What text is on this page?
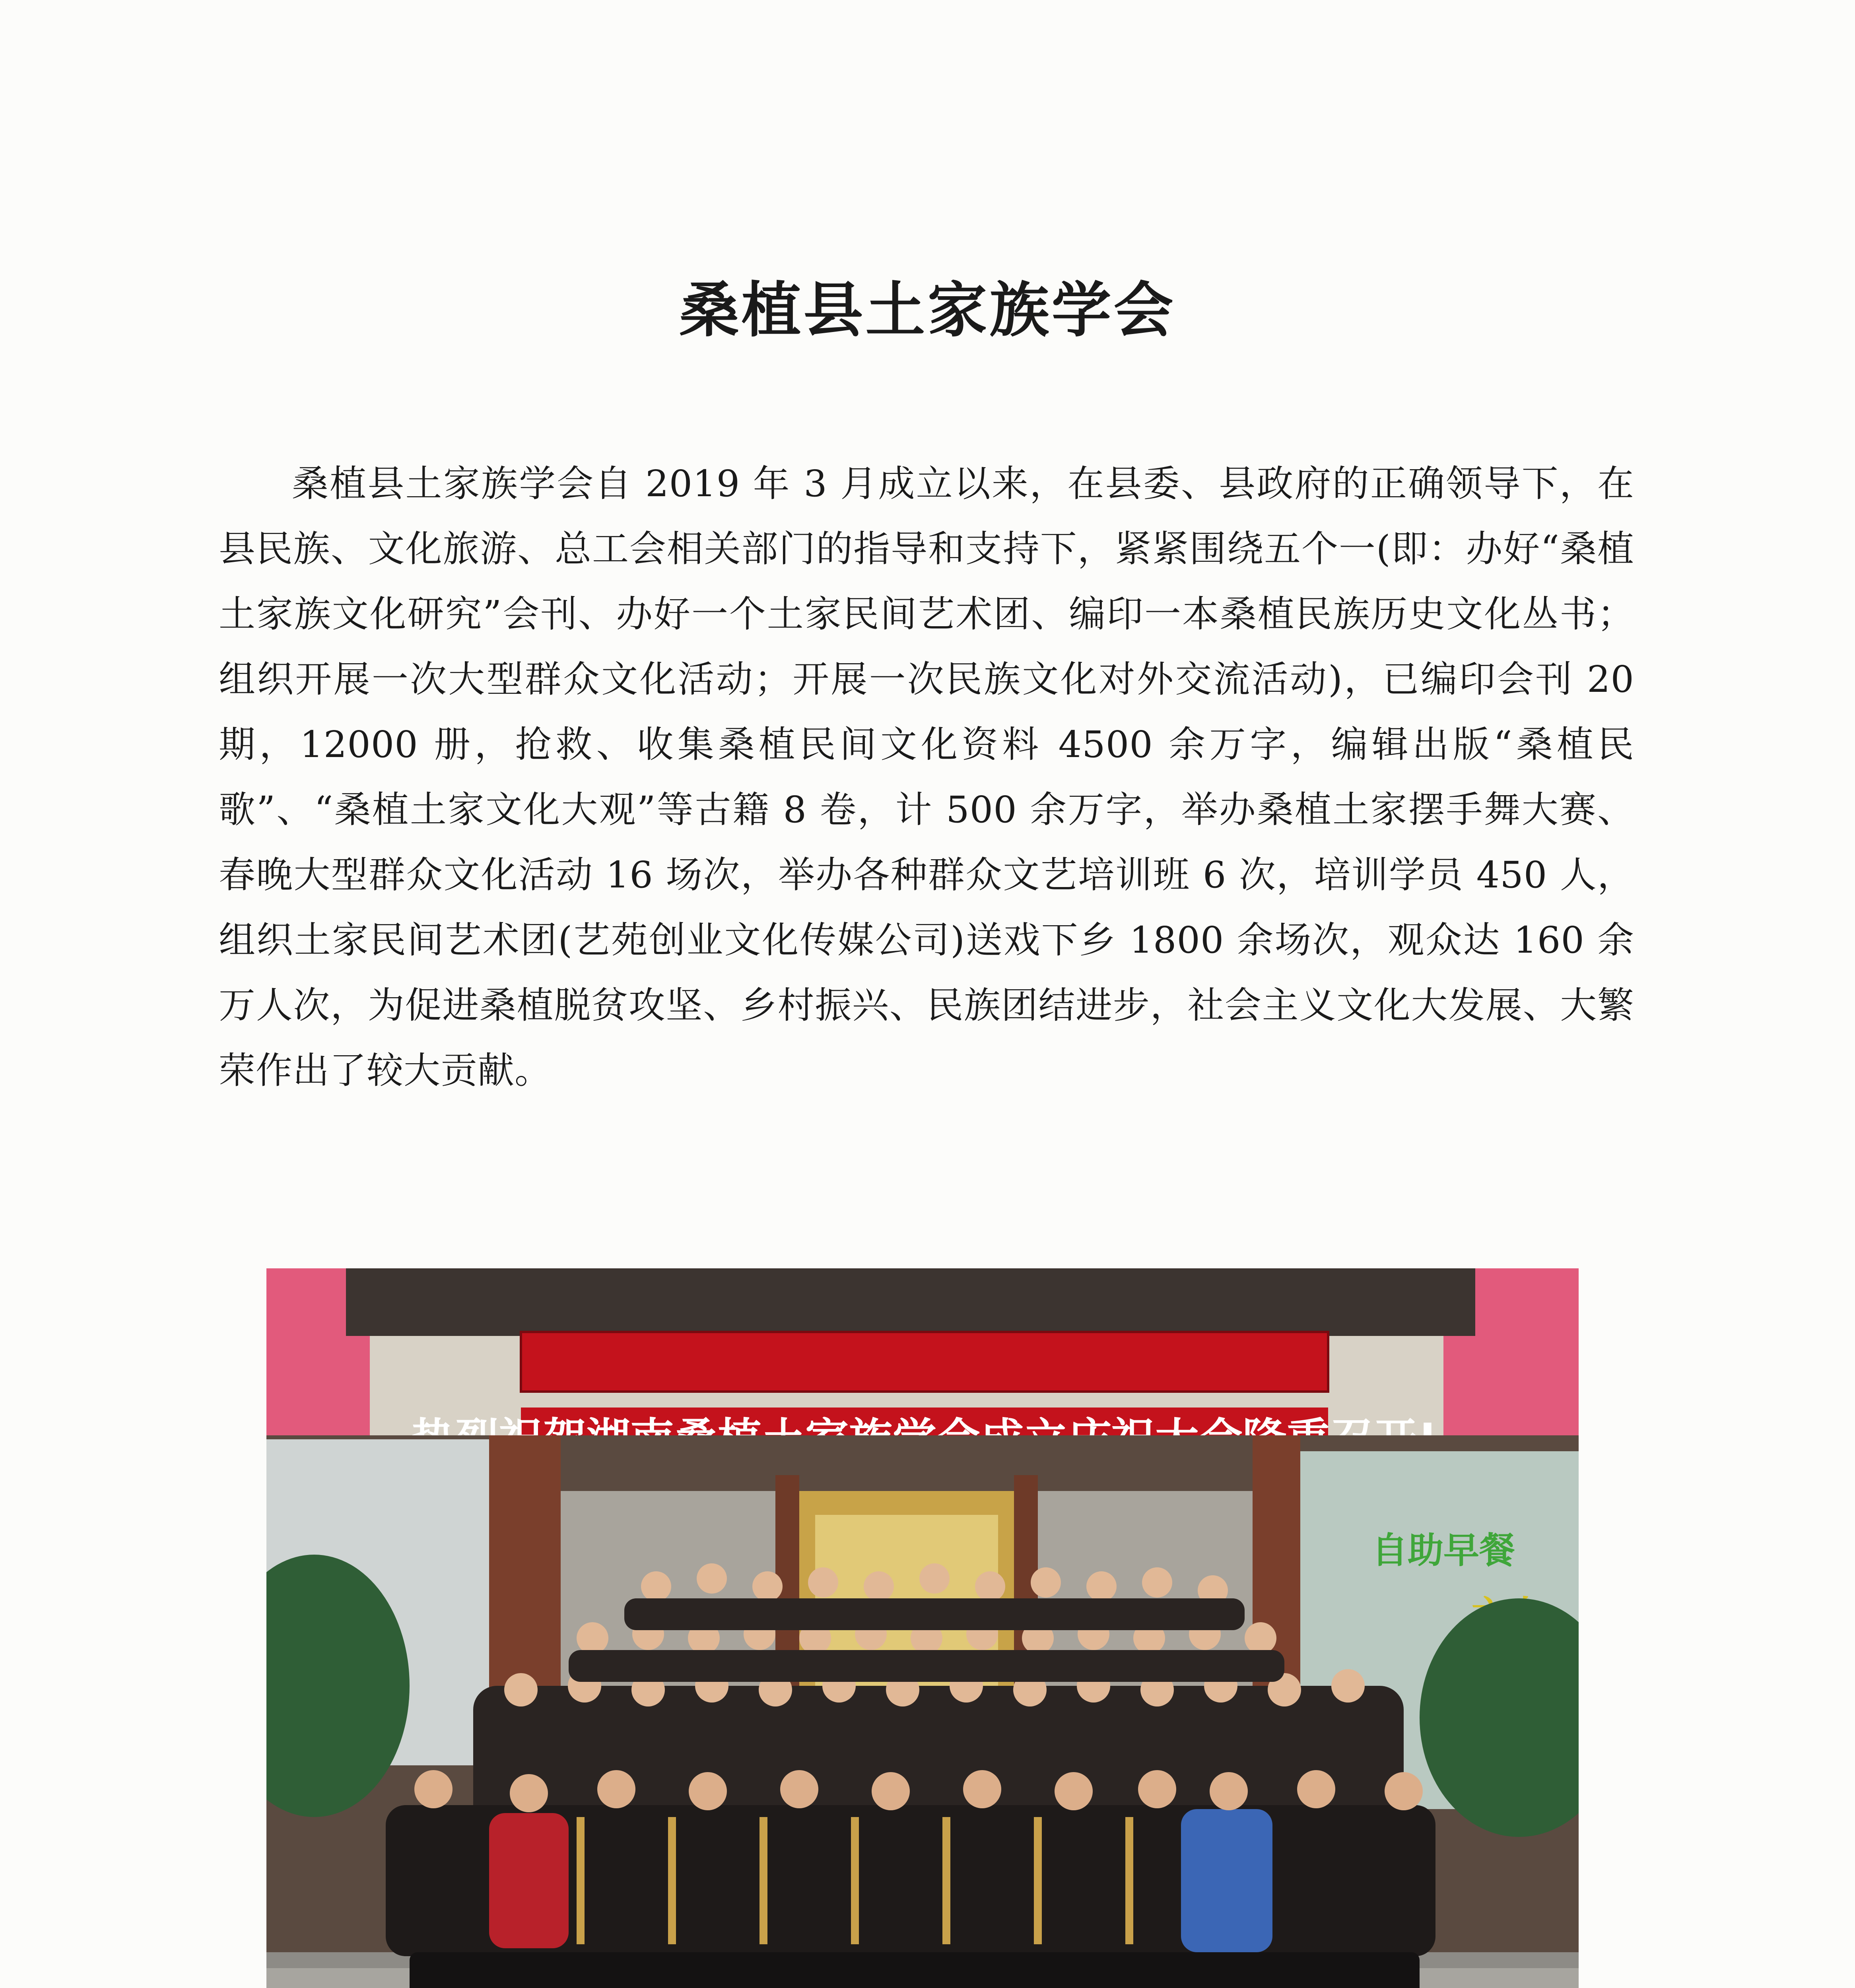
桑植县土家族学会

桑植县土家族学会自 2019 年 3 月成立以来，在县委、县政府的正确领导下，在县民族、文化旅游、总工会相关部门的指导和支持下，紧紧围绕五个一(即：办好“桑植土家族文化研究”会刊、办好一个土家民间艺术团、编印一本桑植民族历史文化丛书；组织开展一次大型群众文化活动；开展一次民族文化对外交流活动)，已编印会刊 20 期，12000 册，抢救、收集桑植民间文化资料 4500 余万字，编辑出版“桑植民歌”、“桑植土家文化大观”等古籍 8 卷，计 500 余万字，举办桑植土家摆手舞大赛、春晚大型群众文化活动 16 场次，举办各种群众文艺培训班 6 次，培训学员 450 人，组织土家民间艺术团(艺苑创业文化传媒公司)送戏下乡 1800 余场次，观众达 160 余万人次，为促进桑植脱贫攻坚、乡村振兴、民族团结进步，社会主义文化大发展、大繁荣作出了较大贡献。

自助早餐
